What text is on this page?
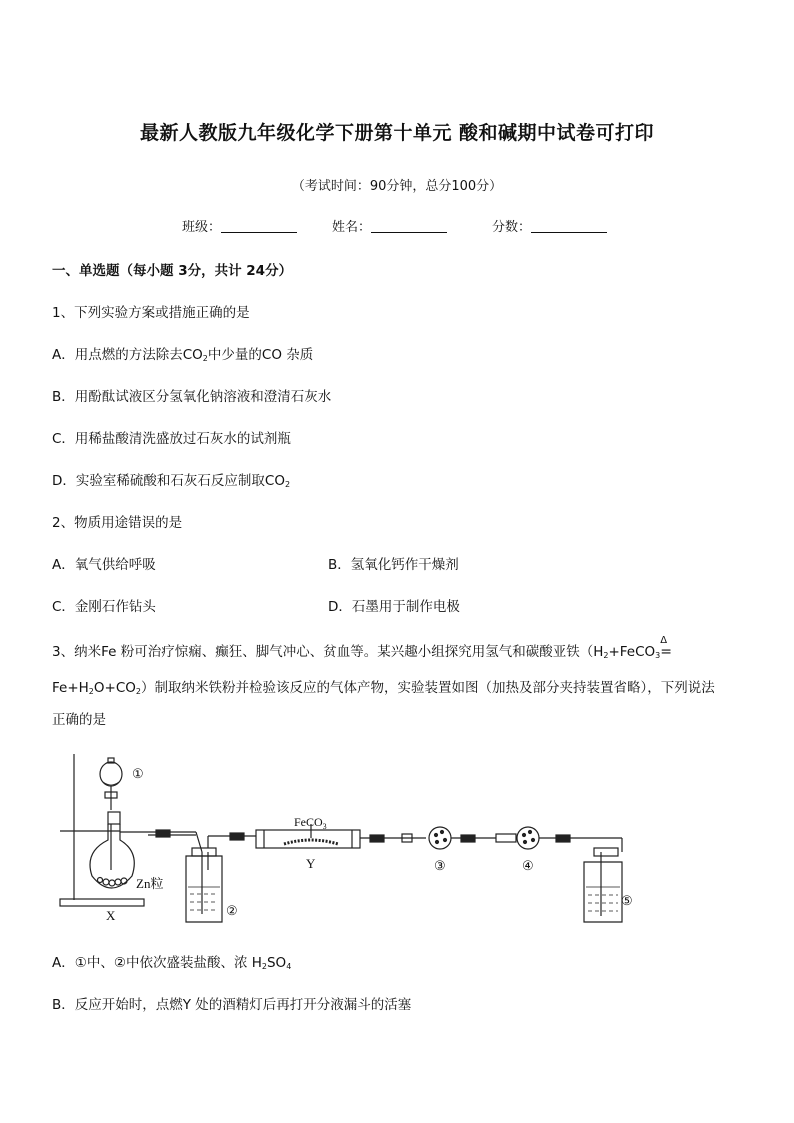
最新人教版九年级化学下册第十单元 酸和碱期中试卷可打印
（考试时间：90分钟，总分100分）
班级：	姓名：	分数：
一、单选题（每小题 3分，共计 24分）
1、下列实验方案或措施正确的是
A．用点燃的方法除去$CO_2$中少量的CO 杂质
B．用酚酞试液区分氢氧化钠溶液和澄清石灰水
C．用稀盐酸清洗盛放过石灰水的试剂瓶
D．实验室稀硫酸和石灰石反应制取$CO_2$
2、物质用途错误的是
A．氧气供给呼吸	B．氢氧化钙作干燥剂
C．金刚石作钻头	D．石墨用于制作电极
3、纳米Fe 粉可治疗惊痫、癫狂、脚气冲心、贫血等。某兴趣小组探究用氢气和碳酸亚铁（$H_2+FeCO_3$
Δ
=
$Fe+H_2O+CO_2$）制取纳米铁粉并检验该反应的气体产物，实验装置如图（加热及部分夹持装置省略），下列说法
正确的是
①
②
③	④
⑤
Zn粒
X
Y
FeCO$_3$
A．①中、②中依次盛装盐酸、浓 $H_2SO_4$
B．反应开始时，点燃Y 处的酒精灯后再打开分液漏斗的活塞
